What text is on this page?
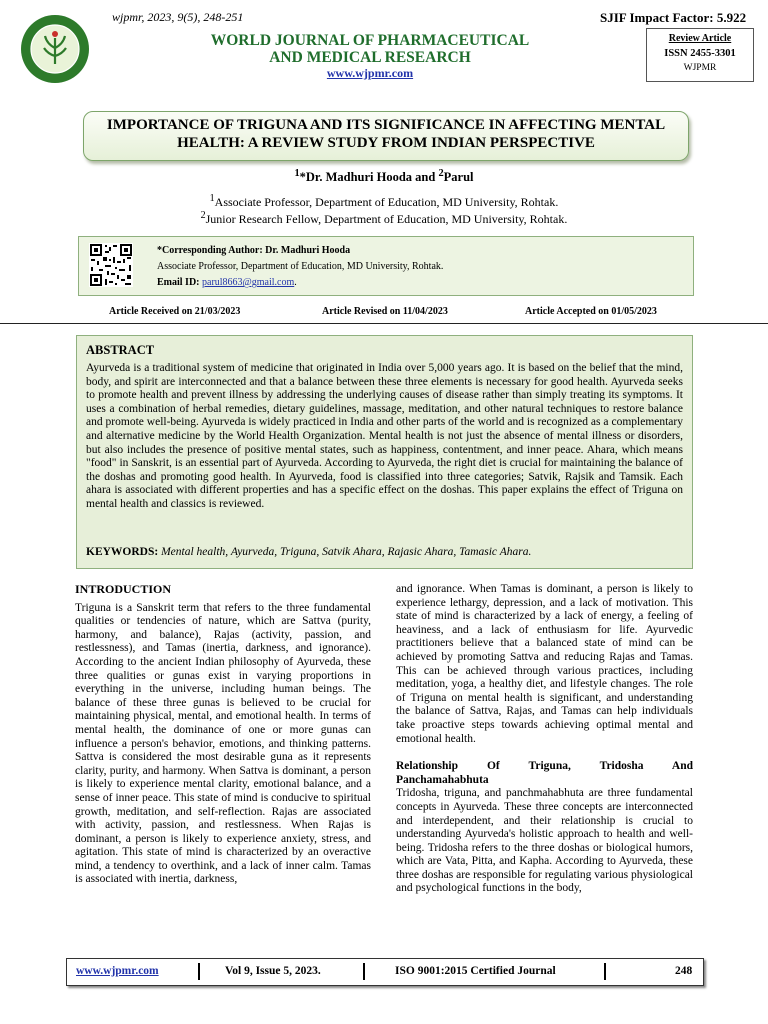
wjpmr, 2023, 9(5), 248-251	SJIF Impact Factor: 5.922
WORLD JOURNAL OF PHARMACEUTICAL
AND MEDICAL RESEARCH
www.wjpmr.com
Review Article
ISSN 2455-3301
WJPMR
IMPORTANCE OF TRIGUNA AND ITS SIGNIFICANCE IN AFFECTING MENTAL
HEALTH: A REVIEW STUDY FROM INDIAN PERSPECTIVE
$^1$*Dr. Madhuri Hooda and $^2$Parul
$^1$Associate Professor, Department of Education, MD University, Rohtak.
$^2$Junior Research Fellow, Department of Education, MD University, Rohtak.
*Corresponding Author: Dr. Madhuri Hooda
Associate Professor, Department of Education, MD University, Rohtak.
Email ID: parul8663@gmail.com.
Article Received on 21/03/2023	Article Revised on 11/04/2023	Article Accepted on 01/05/2023
ABSTRACT
Ayurveda is a traditional system of medicine that originated in India over 5,000 years ago. It is based on the belief that the mind, body, and spirit are interconnected and that a balance between these three elements is necessary for good health. Ayurveda seeks to promote health and prevent illness by addressing the underlying causes of disease rather than simply treating its symptoms. It uses a combination of herbal remedies, dietary guidelines, massage, meditation, and other natural techniques to restore balance and promote well-being. Ayurveda is widely practiced in India and other parts of the world and is recognized as a complementary and alternative medicine by the World Health Organization. Mental health is not just the absence of mental illness or disorders, but also includes the presence of positive mental states, such as happiness, contentment, and inner peace. Ahara, which means "food" in Sanskrit, is an essential part of Ayurveda. According to Ayurveda, the right diet is crucial for maintaining the balance of the doshas and promoting good health. In Ayurveda, food is classified into three categories; Satvik, Rajsik and Tamsik. Each ahara is associated with different properties and has a specific effect on the doshas. This paper explains the effect of Triguna on mental health and classics is reviewed.
KEYWORDS: Mental health, Ayurveda, Triguna, Satvik Ahara, Rajasic Ahara, Tamasic Ahara.
INTRODUCTION

Triguna is a Sanskrit term that refers to the three fundamental qualities or tendencies of nature, which are Sattva (purity, harmony, and balance), Rajas (activity, passion, and restlessness), and Tamas (inertia, darkness, and ignorance). According to the ancient Indian philosophy of Ayurveda, these three qualities or gunas exist in varying proportions in everything in the universe, including human beings. The balance of these three gunas is believed to be crucial for maintaining physical, mental, and emotional health. In terms of mental health, the dominance of one or more gunas can influence a person's behavior, emotions, and thinking patterns. Sattva is considered the most desirable guna as it represents clarity, purity, and harmony. When Sattva is dominant, a person is likely to experience mental clarity, emotional balance, and a sense of inner peace. This state of mind is conducive to spiritual growth, meditation, and self-reflection. Rajas are associated with activity, passion, and restlessness. When Rajas is dominant, a person is likely to experience anxiety, stress, and agitation. This state of mind is characterized by an overactive mind, a tendency to overthink, and a lack of inner calm. Tamas is associated with inertia, darkness,

and ignorance. When Tamas is dominant, a person is likely to experience lethargy, depression, and a lack of motivation. This state of mind is characterized by a lack of energy, a feeling of heaviness, and a lack of enthusiasm for life. Ayurvedic practitioners believe that a balanced state of mind can be achieved by promoting Sattva and reducing Rajas and Tamas. This can be achieved through various practices, including meditation, yoga, a healthy diet, and lifestyle changes. The role of Triguna on mental health is significant, and understanding the balance of Sattva, Rajas, and Tamas can help individuals take proactive steps towards achieving optimal mental and emotional health.

Relationship Of Triguna, Tridosha And
Panchamahabhuta

Tridosha, triguna, and panchmahabhuta are three fundamental concepts in Ayurveda. These three concepts are interconnected and interdependent, and their relationship is crucial to understanding Ayurveda's holistic approach to health and well-being. Tridosha refers to the three doshas or biological humors, which are Vata, Pitta, and Kapha. According to Ayurveda, these three doshas are responsible for regulating various physiological and psychological functions in the body,

www.wjpmr.com	Vol 9, Issue 5, 2023.	ISO 9001:2015 Certified Journal	248
